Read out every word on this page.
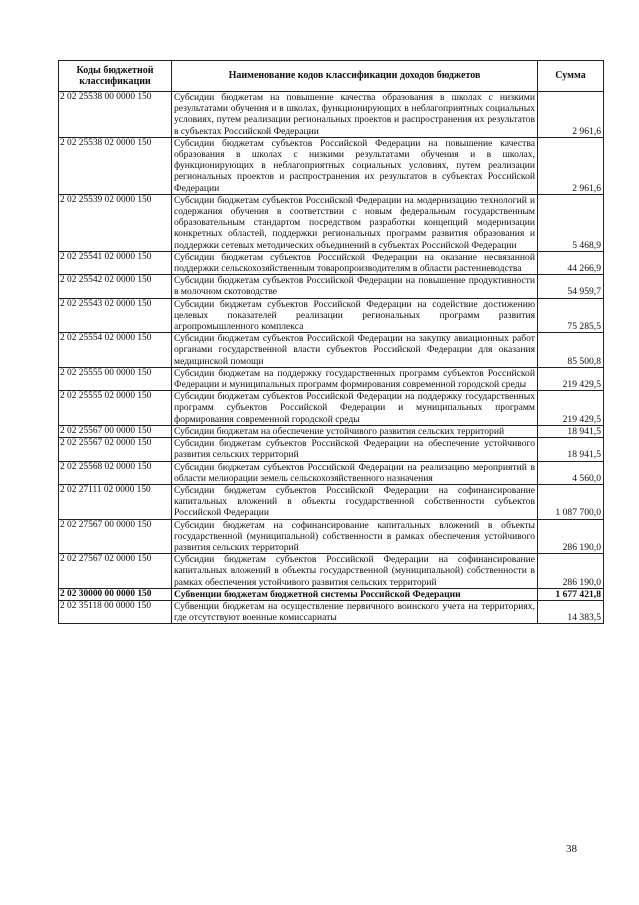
Коды бюджетной классификации	Наименование кодов классификации доходов бюджетов	Сумма
2 02 25538 00 0000 150	Субсидии бюджетам на повышение качества образования в школах с низкими результатами обучения и в школах, функционирующих в неблагоприятных социальных условиях, путем реализации региональных проектов и распространения их результатов в субъектах Российской Федерации	2 961,6
2 02 25538 02 0000 150	Субсидии бюджетам субъектов Российской Федерации на повышение качества образования в школах с низкими результатами обучения и в школах, функционирующих в неблагоприятных социальных условиях, путем реализации региональных проектов и распространения их результатов в субъектах Российской Федерации	2 961,6
2 02 25539 02 0000 150	Субсидии бюджетам субъектов Российской Федерации на модернизацию технологий и содержания обучения в соответствии с новым федеральным государственным образовательным стандартом посредством разработки концепций модернизации конкретных областей, поддержки региональных программ развития образования и поддержки сетевых методических объединений в субъектах Российской Федерации	5 468,9
2 02 25541 02 0000 150	Субсидии бюджетам субъектов Российской Федерации на оказание несвязанной поддержки сельскохозяйственным товаропроизводителям в области растениеводства	44 266,9
2 02 25542 02 0000 150	Субсидии бюджетам субъектов Российской Федерации на повышение продуктивности в молочном скотоводстве	54 959,7
2 02 25543 02 0000 150	Субсидии бюджетам субъектов Российской Федерации на содействие достижению целевых показателей реализации региональных программ развития агропромышленного комплекса	75 285,5
2 02 25554 02 0000 150	Субсидии бюджетам субъектов Российской Федерации на закупку авиационных работ органами государственной власти субъектов Российской Федерации для оказания медицинской помощи	85 500,8
2 02 25555 00 0000 150	Субсидии бюджетам на поддержку государственных программ субъектов Российской Федерации и муниципальных программ формирования современной городской среды	219 429,5
2 02 25555 02 0000 150	Субсидии бюджетам субъектов Российской Федерации на поддержку государственных программ субъектов Российской Федерации и муниципальных программ формирования современной городской среды	219 429,5
2 02 25567 00 0000 150	Субсидии бюджетам на обеспечение устойчивого развития сельских территорий	18 941,5
2 02 25567 02 0000 150	Субсидии бюджетам субъектов Российской Федерации на обеспечение устойчивого развития сельских территорий	18 941,5
2 02 25568 02 0000 150	Субсидии бюджетам субъектов Российской Федерации на реализацию мероприятий в области мелиорации земель сельскохозяйственного назначения	4 560,0
2 02 27111 02 0000 150	Субсидии бюджетам субъектов Российской Федерации на софинансирование капитальных вложений в объекты государственной собственности субъектов Российской Федерации	1 087 700,0
2 02 27567 00 0000 150	Субсидии бюджетам на софинансирование капитальных вложений в объекты государственной (муниципальной) собственности в рамках обеспечения устойчивого развития сельских территорий	286 190,0
2 02 27567 02 0000 150	Субсидии бюджетам субъектов Российской Федерации на софинансирование капитальных вложений в объекты государственной (муниципальной) собственности в рамках обеспечения устойчивого развития сельских территорий	286 190,0
2 02 30000 00 0000 150	Субвенции бюджетам бюджетной системы Российской Федерации	1 677 421,8
2 02 35118 00 0000 150	Субвенции бюджетам на осуществление первичного воинского учета на территориях, где отсутствуют военные комиссариаты	14 383,5
38
